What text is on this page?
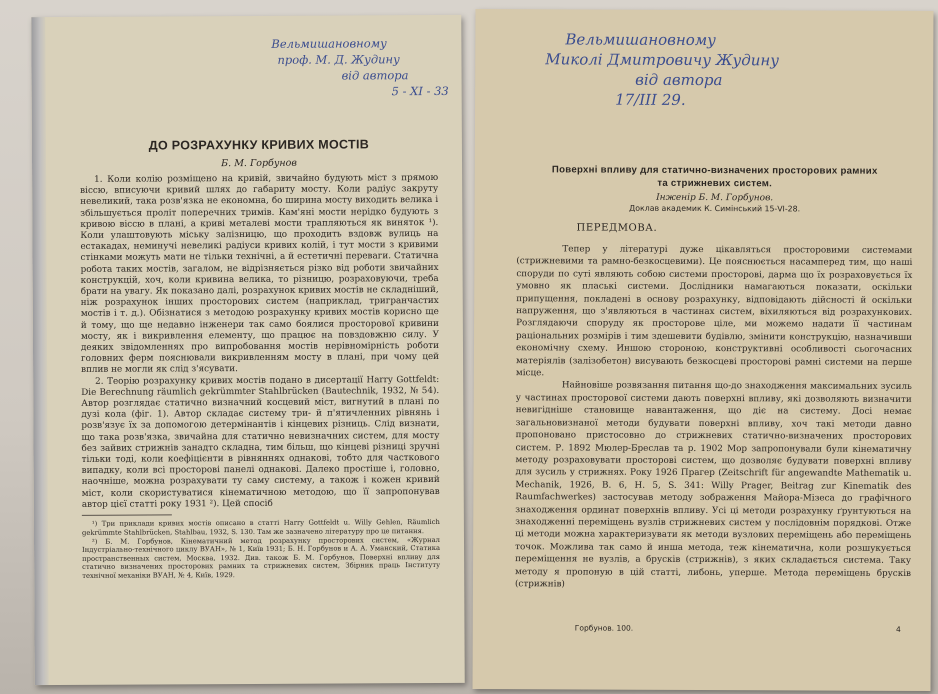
Вельмишановному
проф. М. Д. Жудину
від автора
5 - XI - 33
ДО РОЗРАХУНКУ КРИВИХ МОСТІВ
Б. М. Горбунов

1. Коли колію розміщено на кривій, звичайно будують міст з прямою віссю, вписуючи кривий шлях до габариту мосту. Коли радіус закруту невеликий, така розв'язка не економна, бо ширина мосту виходить велика і збільшується проліт поперечних тримів. Кам'яні мости нерідко будують з кривою віссю в плані, а криві металеві мости трапляються як виняток ¹). Коли улаштовують міську залізницю, що проходить вздовж вулиць на естакадах, неминучі невеликі радіуси кривих колій, і тут мости з кривими стінками можуть мати не тільки технічні, а й естетичні переваги. Статична робота таких мостів, загалом, не відрізняється різко від роботи звичайних конструкцій, хоч, коли кривина велика, то різницю, розраховуючи, треба брати на увагу. Як показано далі, розрахунок кривих мостів не складніший, ніж розрахунок інших просторових систем (наприклад, тригранчастих мостів і т. д.). Обізнатися з методою розрахунку кривих мостів корисно ще й тому, що ще недавно інженери так само боялися просторової кривини мосту, як і викривлення елементу, що працює на повздовжню силу. У деяких звідомленнях про випробовання мостів нерівномірність роботи головних ферм пояснювали викривленням мосту в плані, при чому цей вплив не могли як слід з'ясувати.

2. Теорію розрахунку кривих мостів подано в дисертації Harry Gottfeldt: Die Berechnung räumlich gekrümmter Stahlbrücken (Bautechnik, 1932, № 54). Автор розглядає статично визначний косцевий міст, вигнутий в плані по дузі кола (фіг. 1). Автор складає систему три- й п'ятичленних рівнянь і розв'язує їх за допомогою детермінантів і кінцевих різниць. Слід визнати, що така розв'язка, звичайна для статично невизначних систем, для мосту без зайвих стрижнів занадто складна, тим більш, що кінцеві різниці зручні тільки тоді, коли коефіцієнти в рівняннях однакові, тобто для часткового випадку, коли всі просторові панелі однакові. Далеко простіше і, головно, наочніше, можна розрахувати ту саму систему, а також і кожен кривий міст, коли скористуватися кінематичною методою, що її запропонував автор цієї статті року 1931 ²). Цей спосіб

¹) Три приклади кривих мостів описано в статті Harry Gottfeldt u. Willy Gehlen, Räumlich gekrümmte Stahlbrücken, Stahlbau, 1932, S. 130. Там же зазначено літературу про це питання.

²) Б. М. Горбунов, Кінематичний метод розрахунку просторових систем, «Журнал Індустріально-технічного циклу ВУАН», № 1, Київ 1931; Б. Н. Горбунов и А. А. Уманский, Статика пространственных систем, Москва, 1932. Див. також Б. М. Горбунов, Поверхні впливу для статично визначених просторових рамних та стрижневих систем, Збірник праць Інституту технічної механіки ВУАН, № 4, Київ, 1929.

Вельмишановному
Миколі Дмитровичу Жудину
від автора
17/III 29.
Поверхні впливу для статично-визначених просторових рамних
та стрижневих систем.
Інженір Б. М. Горбунов.
Доклав академик К. Симінський 15-VI-28.
ПЕРЕДМОВА.

Тепер у літературі дуже цікавляться просторовими системами (стрижневими та рамно-безкосцевими). Це пояснюється насамперед тим, що наші споруди по суті являють собою системи просторові, дарма що їх розраховується їх умовно як плаські системи. Дослідники намагаються показати, оскільки припущення, покладені в основу розрахунку, відповідають дійсності й оскільки напруження, що з'являються в частинах систем, віхиляються від розрахункових. Розглядаючи споруду як просторове ціле, ми можемо надати її частинам раціональних розмірів і тим здешевити будівлю, змінити конструкцію, назначивши економічну схему. Иншою стороною, конструктивні особливості сьогочасних матеріялів (залізобетон) висувають безкосцеві просторові рамні системи на перше місце.

Найновіше розвязання питання що-до знаходження максимальних зусиль у частинах просторової системи дають поверхні впливу, які дозволяють визначити невигідніше становище навантаження, що діє на систему. Досі немає загальновизнаної методи будувати поверхні впливу, хоч такі методи давно пропоновано пристосовно до стрижневих статично-визначених просторових систем. Р. 1892 Мюлер-Бреслав та р. 1902 Мор запропонували були кінематичну методу розраховувати просторові систем, що дозволяє будувати поверхні впливу для зусиль у стрижнях. Року 1926 Прагер (Zeitschrift für angewandte Mathematik u. Mechanik, 1926, B. 6, H. 5, S. 341: Willy Prager, Beitrag zur Kinematik des Raumfachwerkes) застосував методу зображення Майора-Мізеса до графічного знаходження ординат поверхнів впливу. Усі ці методи розрахунку ґрунтуються на знаходженні переміщень вузлів стрижневих систем у послідовнім порядкові. Отже ці методи можна характеризувати як методи вузлових переміщень або переміщень точок. Можлива так само й инша метода, теж кінематична, коли розшукується переміщення не вузлів, а брусків (стрижнів), з яких складається система. Таку методу я пропоную в цій статті, либонь, уперше. Метода переміщень брусків (стрижнів)

Горбунов. 100.	4
